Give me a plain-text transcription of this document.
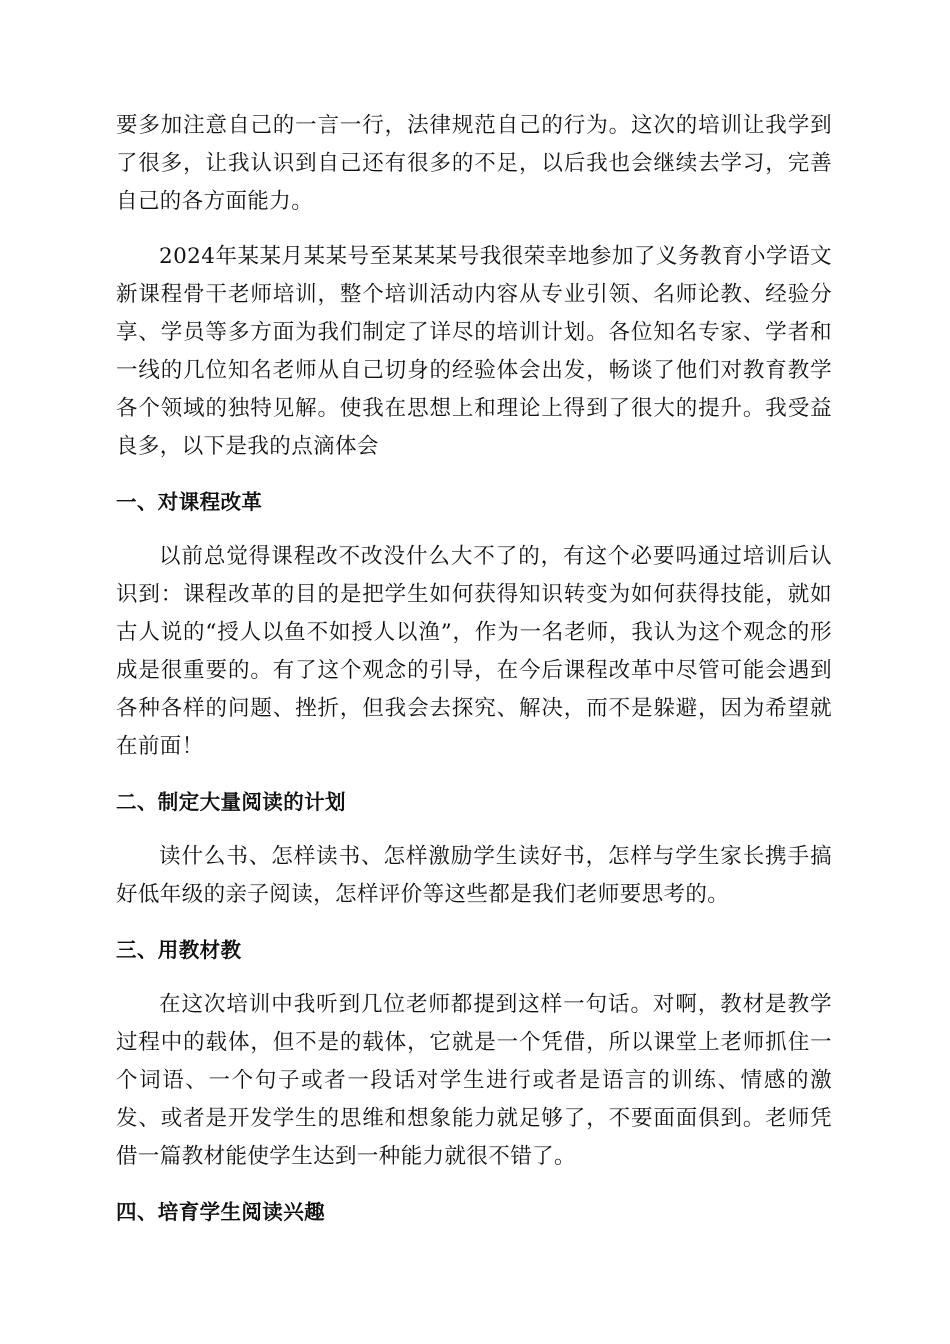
要多加注意自己的一言一行，法律规范自己的行为。这次的培训让我学到了很多，让我认识到自己还有很多的不足，以后我也会继续去学习，完善自己的各方面能力。

2024年某某月某某号至某某某号我很荣幸地参加了义务教育小学语文新课程骨干老师培训，整个培训活动内容从专业引领、名师论教、经验分享、学员等多方面为我们制定了详尽的培训计划。各位知名专家、学者和一线的几位知名老师从自己切身的经验体会出发，畅谈了他们对教育教学各个领域的独特见解。使我在思想上和理论上得到了很大的提升。我受益良多，以下是我的点滴体会

一、对课程改革

以前总觉得课程改不改没什么大不了的，有这个必要吗通过培训后认识到：课程改革的目的是把学生如何获得知识转变为如何获得技能，就如古人说的“授人以鱼不如授人以渔”，作为一名老师，我认为这个观念的形成是很重要的。有了这个观念的引导，在今后课程改革中尽管可能会遇到各种各样的问题、挫折，但我会去探究、解决，而不是躲避，因为希望就在前面！

二、制定大量阅读的计划

读什么书、怎样读书、怎样激励学生读好书，怎样与学生家长携手搞好低年级的亲子阅读，怎样评价等这些都是我们老师要思考的。

三、用教材教

在这次培训中我听到几位老师都提到这样一句话。对啊，教材是教学过程中的载体，但不是的载体，它就是一个凭借，所以课堂上老师抓住一个词语、一个句子或者一段话对学生进行或者是语言的训练、情感的激发、或者是开发学生的思维和想象能力就足够了，不要面面俱到。老师凭借一篇教材能使学生达到一种能力就很不错了。

四、培育学生阅读兴趣
